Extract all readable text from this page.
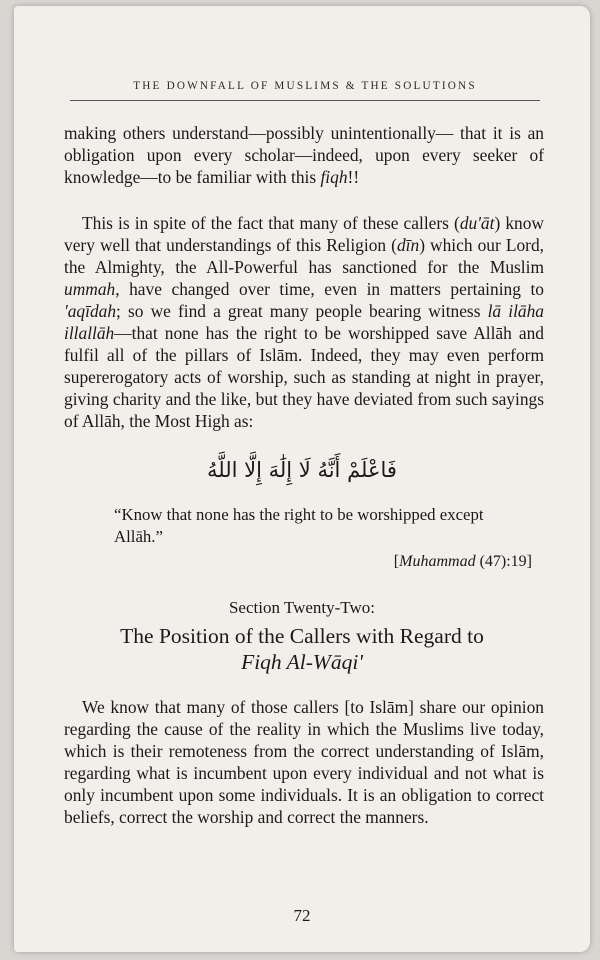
THE DOWNFALL OF MUSLIMS & THE SOLUTIONS

making others understand—possibly unintentionally— that it is an obligation upon every scholar—indeed, upon every seeker of knowledge—to be familiar with this fiqh!!

This is in spite of the fact that many of these callers (du'āt) know very well that understandings of this Religion (dīn) which our Lord, the Almighty, the All-Powerful has sanctioned for the Muslim ummah, have changed over time, even in matters pertaining to 'aqīdah; so we find a great many people bearing witness lā ilāha illallāh—that none has the right to be worshipped save Allāh and fulfil all of the pillars of Islām. Indeed, they may even perform supererogatory acts of worship, such as standing at night in prayer, giving charity and the like, but they have deviated from such sayings of Allāh, the Most High as:

فَاعْلَمْ أَنَّهُ لَا إِلَٰهَ إِلَّا اللَّهُ
“Know that none has the right to be worshipped except Allāh.”
[Muhammad (47):19]
Section Twenty-Two:
The Position of the Callers with Regard to
Fiqh Al-Wāqi'

We know that many of those callers [to Islām] share our opinion regarding the cause of the reality in which the Muslims live today, which is their remoteness from the correct understanding of Islām, regarding what is incumbent upon every individual and not what is only incumbent upon some individuals. It is an obligation to correct beliefs, correct the worship and correct the manners.

72
